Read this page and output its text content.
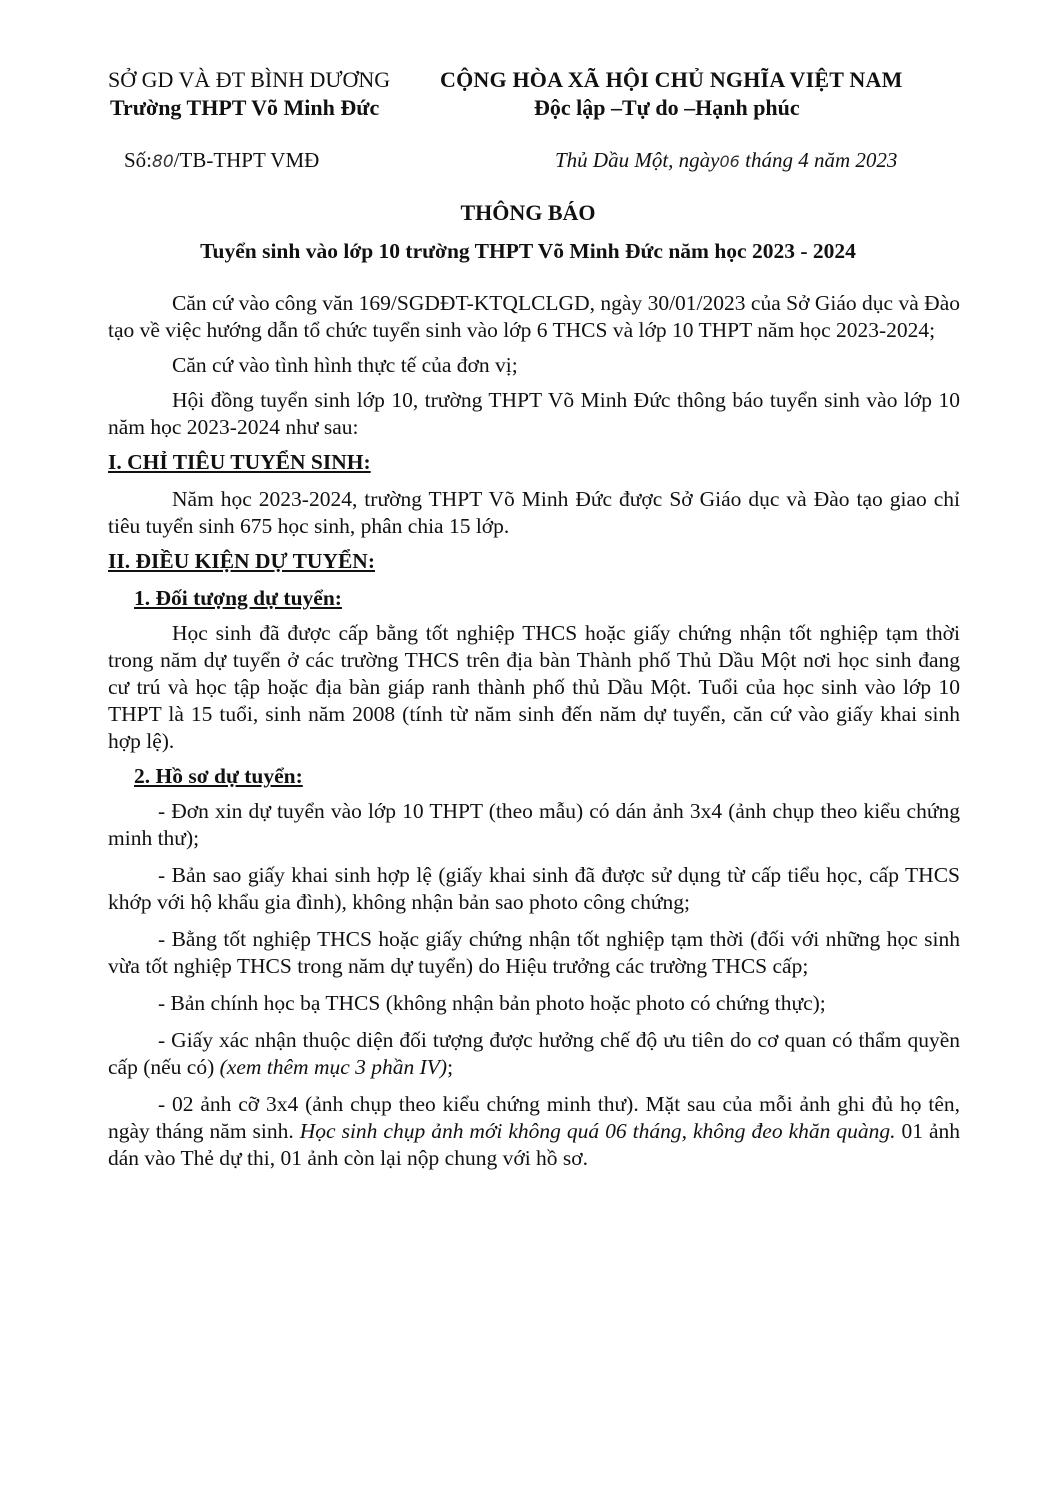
SỞ GD VÀ ĐT BÌNH DƯƠNG
Trường THPT Võ Minh Đức
CỘNG HÒA XÃ HỘI CHỦ NGHĨA VIỆT NAM
Độc lập –Tự do –Hạnh phúc
Số:80/TB-THPT VMĐ	Thủ Dầu Một, ngày06 tháng 4 năm 2023
THÔNG BÁO
Tuyển sinh vào lớp 10 trường THPT Võ Minh Đức năm học 2023 - 2024

Căn cứ vào công văn 169/SGDĐT-KTQLCLGD, ngày 30/01/2023 của Sở Giáo dục và Đào tạo về việc hướng dẫn tổ chức tuyển sinh vào lớp 6 THCS và lớp 10 THPT năm học 2023-2024;

Căn cứ vào tình hình thực tế của đơn vị;

Hội đồng tuyển sinh lớp 10, trường THPT Võ Minh Đức thông báo tuyển sinh vào lớp 10 năm học 2023-2024 như sau:

I. CHỈ TIÊU TUYỂN SINH:

Năm học 2023-2024, trường THPT Võ Minh Đức được Sở Giáo dục và Đào tạo giao chỉ tiêu tuyển sinh 675 học sinh, phân chia 15 lớp.

II. ĐIỀU KIỆN DỰ TUYỂN:

1. Đối tượng dự tuyển:

Học sinh đã được cấp bằng tốt nghiệp THCS hoặc giấy chứng nhận tốt nghiệp tạm thời trong năm dự tuyển ở các trường THCS trên địa bàn Thành phố Thủ Dầu Một nơi học sinh đang cư trú và học tập hoặc địa bàn giáp ranh thành phố thủ Dầu Một. Tuổi của học sinh vào lớp 10 THPT là 15 tuổi, sinh năm 2008 (tính từ năm sinh đến năm dự tuyển, căn cứ vào giấy khai sinh hợp lệ).

2. Hồ sơ dự tuyển:

- Đơn xin dự tuyển vào lớp 10 THPT (theo mẫu) có dán ảnh 3x4 (ảnh chụp theo kiểu chứng minh thư);

- Bản sao giấy khai sinh hợp lệ (giấy khai sinh đã được sử dụng từ cấp tiểu học, cấp THCS khớp với hộ khẩu gia đình), không nhận bản sao photo công chứng;

- Bằng tốt nghiệp THCS hoặc giấy chứng nhận tốt nghiệp tạm thời (đối với những học sinh vừa tốt nghiệp THCS trong năm dự tuyển) do Hiệu trưởng các trường THCS cấp;

- Bản chính học bạ THCS (không nhận bản photo hoặc photo có chứng thực);

- Giấy xác nhận thuộc diện đối tượng được hưởng chế độ ưu tiên do cơ quan có thẩm quyền cấp (nếu có) (xem thêm mục 3 phần IV);

- 02 ảnh cỡ 3x4 (ảnh chụp theo kiểu chứng minh thư). Mặt sau của mỗi ảnh ghi đủ họ tên, ngày tháng năm sinh. Học sinh chụp ảnh mới không quá 06 tháng, không đeo khăn quàng. 01 ảnh dán vào Thẻ dự thi, 01 ảnh còn lại nộp chung với hồ sơ.
